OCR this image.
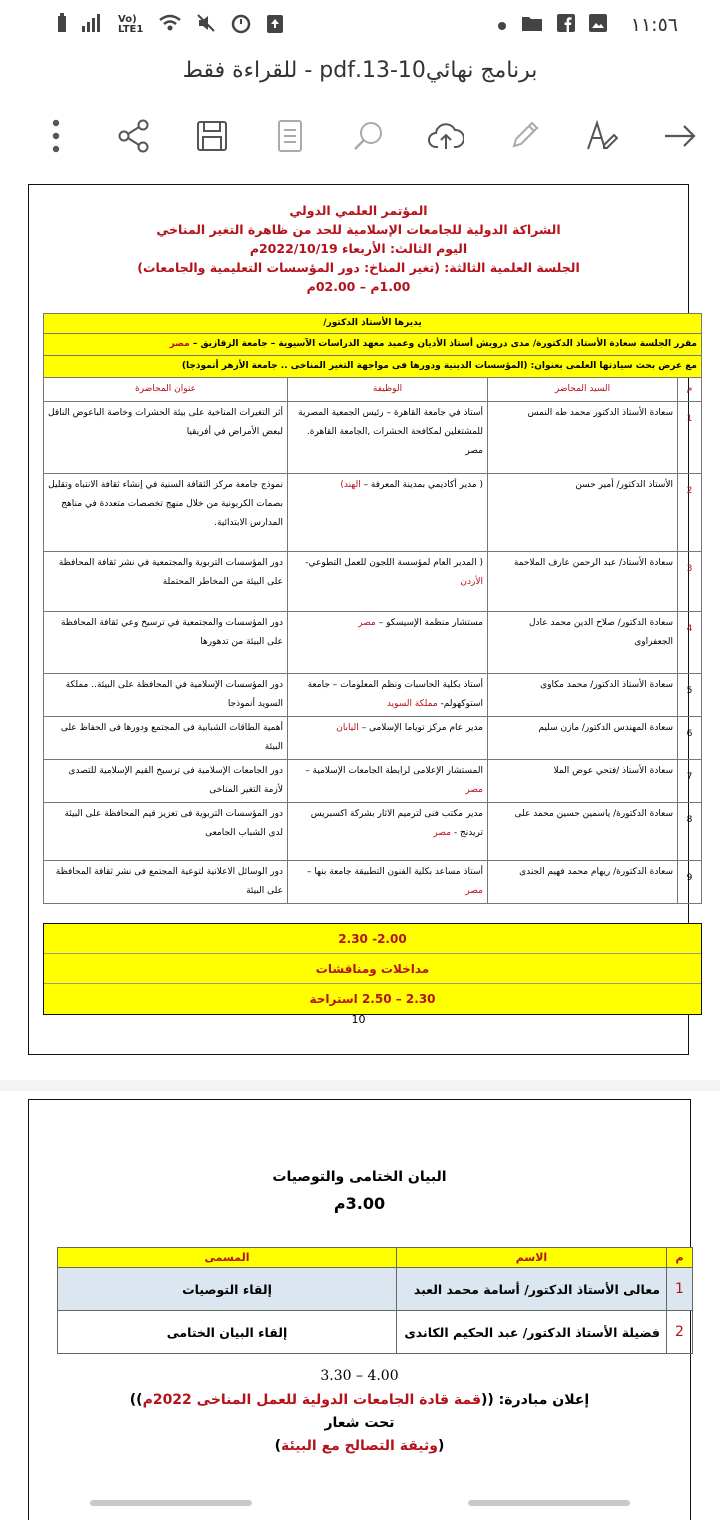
Vo) LTE1	١١:٥٦
برنامج نهائي10-13.pdf - للقراءة فقط
المؤتمر العلمي الدولي
الشراكة الدولية للجامعات الإسلامية للحد من ظاهرة التغير المناخي
اليوم الثالث: الأربعاء 2022/10/19م
الجلسة العلمية الثالثة: (تغير المناخ: دور المؤسسات التعليمية والجامعات)
1.00م – 02.00م
يديرها الأستاذ الدكتور/			
مقرر الجلسة سعادة الأستاذ الدكتورة/ مدى درويش أستاذ الأديان وعميد معهد الدراسات الآسيوية – جامعة الزقازيق – مصر			
مع عرض بحث سيادتها العلمى بعنوان: (المؤسسات الدينية ودورها فى مواجهة التغير المناخى .. جامعة الأزهر أنموذجا)			
م	السيد المحاضر	الوظيفة	عنوان المحاضرة
1	سعادة الأستاذ الدكتور محمد طه النمس	أستاذ في جامعة القاهرة – رئيس الجمعية المصرية للمشتغلين لمكافحة الحشرات ,الجامعة القاهرة. مصر	أثر التغيرات المناخية على بيئة الحشرات وخاصة الباعوض الناقل لبعض الأمراض في أفريقيا
2	الأستاذ الدكتور/ أمير حسن	( مدير أكاديمي بمدينة المعرفة – الهند)	نموذج جامعة مركز الثقافة السنية في إنشاء ثقافة الانتباه وتقليل بصمات الكربونية من خلال منهج تخصصات متعددة في مناهج المدارس الابتدائية.
3	سعادة الأستاذ/ عبد الرحمن عارف الملاحمة	( المدير العام لمؤسسة اللجون للعمل التطوعي- الأردن	دور المؤسسات التربوية والمجتمعية في نشر ثقافة المحافظة على البيئة من المخاطر المحتملة
4	سعادة الدكتور/ صلاح الدين محمد عادل الجعفراوى	مستشار منظمة الإسيسكو – مصر	دور المؤسسات والمجتمعية في ترسيخ وعي ثقافة المحافظة على البيئة من تدهورها
5	سعادة الأستاذ الدكتور/ محمد مكاوى	أستاذ بكلية الحاسبات ونظم المعلومات – جامعة استوكهولم- مملكة السويد	دور المؤسسات الإسلامية في المحافظة على البيئة.. مملكة السويد أنموذجا
6	سعادة المهندس الدكتور/ مازن سليم	مدير عام مركز توياما الإسلامى – اليابان	أهمية الطاقات الشبابية فى المجتمع ودورها فى الحفاظ على البيئة
7	سعادة الأستاذ /فتحي عوض الملا	المستشار الإعلامى لرابطة الجامعات الإسلامية – مصر	دور الجامعات الإسلامية فى ترسيخ القيم الإسلامية للتصدى لأزمة التغير المناخى
8	سعادة الدكتورة/ ياسمين حسين محمد على	مدير مكتب فنى لترميم الاثار بشركة اكسبريس تريدنج - مصر	دور المؤسسات التربوية فى تعزيز قيم المحافظة على البيئة لدى الشباب الجامعى
9	سعادة الدكتورة/ ريهام محمد فهيم الجندى	أستاذ مساعد بكلية الفنون التطبيقة جامعة بنها – مصر	دور الوسائل الاعلانية لتوعية المجتمع فى نشر ثقافة المحافظة على البيئة
2.00- 2.30
مداخلات ومناقشات
2.30 – 2.50 استراحة
10
البيان الختامى والتوصيات
3.00م
م	الاسم	المسمى
1	معالى الأستاذ الدكتور/ أسامة محمد العبد	إلقاء التوصيات
2	فضيلة الأستاذ الدكتور/ عبد الحكيم الكاندى	إلقاء البيان الختامى
3.30 – 4.00
إعلان مبادرة: ((قمة قادة الجامعات الدولية للعمل المناخى 2022م))
تحت شعار
(وثيقة التصالح مع البيئة)
